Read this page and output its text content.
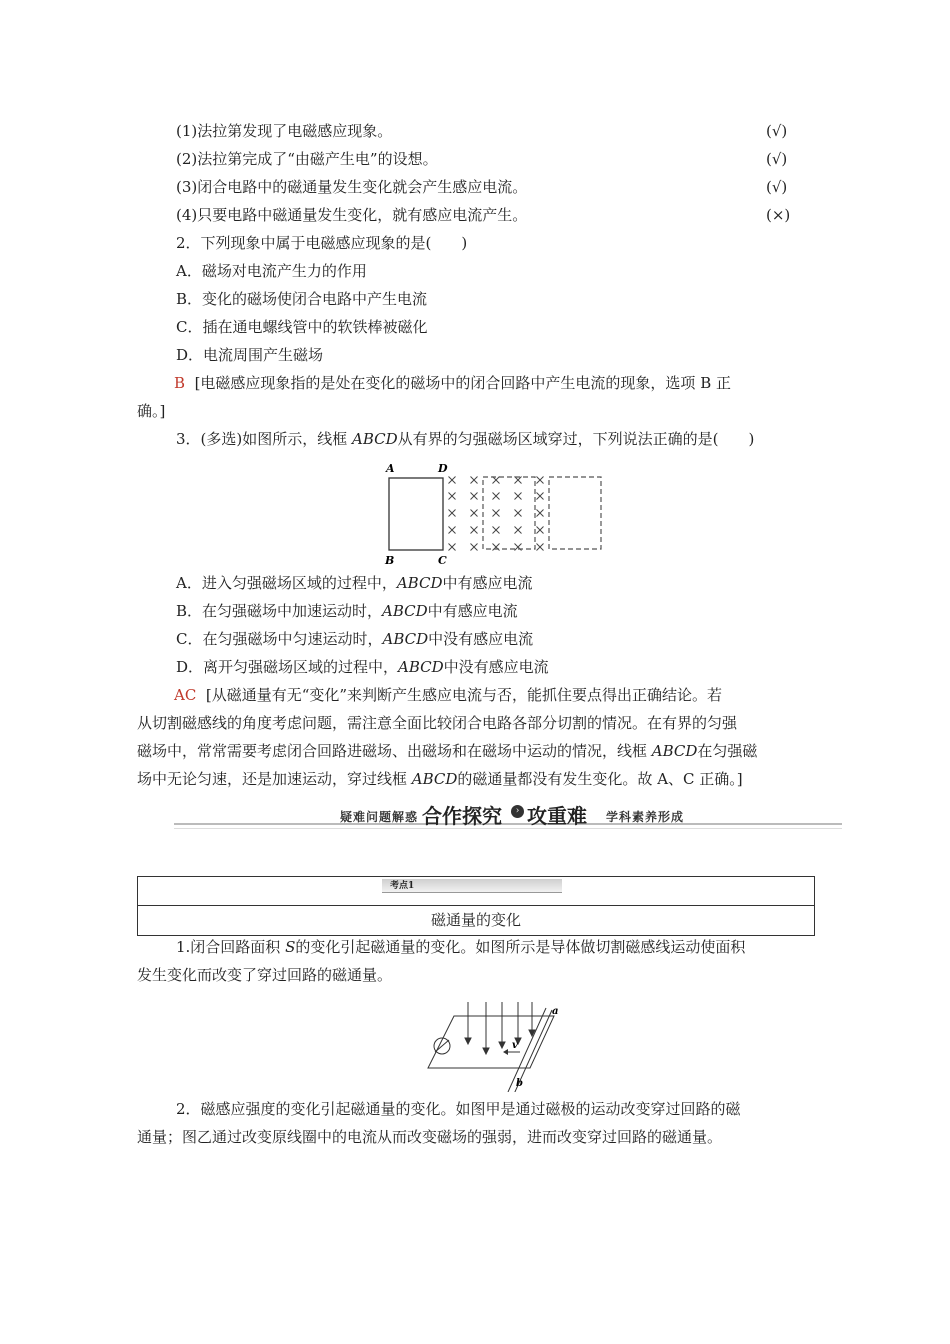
(1)法拉第发现了电磁感应现象。	(√)
(2)法拉第完成了“由磁产生电”的设想。	(√)
(3)闭合电路中的磁通量发生变化就会产生感应电流。	(√)
(4)只要电路中磁通量发生变化，就有感应电流产生。	(×)
2．下列现象中属于电磁感应现象的是(　　)
A．磁场对电流产生力的作用
B．变化的磁场使闭合电路中产生电流
C．插在通电螺线管中的软铁棒被磁化
D．电流周围产生磁场
B [电磁感应现象指的是处在变化的磁场中的闭合回路中产生电流的现象，选项 B 正
确。]
3．(多选)如图所示，线框 ABCD从有界的匀强磁场区域穿过，下列说法正确的是(　　)
A	D
B	C
A．进入匀强磁场区域的过程中，ABCD中有感应电流
B．在匀强磁场中加速运动时，ABCD中有感应电流
C．在匀强磁场中匀速运动时，ABCD中没有感应电流
D．离开匀强磁场区域的过程中，ABCD中没有感应电流
AC [从磁通量有无“变化”来判断产生感应电流与否，能抓住要点得出正确结论。若
从切割磁感线的角度考虑问题，需注意全面比较闭合电路各部分切割的情况。在有界的匀强
磁场中，常常需要考虑闭合回路进磁场、出磁场和在磁场中运动的情况，线框 ABCD在匀强磁
场中无论匀速，还是加速运动，穿过线框 ABCD的磁通量都没有发生变化。故 A、C 正确。]
疑难问题解惑 合作探究	› 攻重难 学科素养形成
考点1
磁通量的变化
1.闭合回路面积 S的变化引起磁通量的变化。如图所示是导体做切割磁感线运动使面积
发生变化而改变了穿过回路的磁通量。
a
b
v
2．磁感应强度的变化引起磁通量的变化。如图甲是通过磁极的运动改变穿过回路的磁
通量；图乙通过改变原线圈中的电流从而改变磁场的强弱，进而改变穿过回路的磁通量。
